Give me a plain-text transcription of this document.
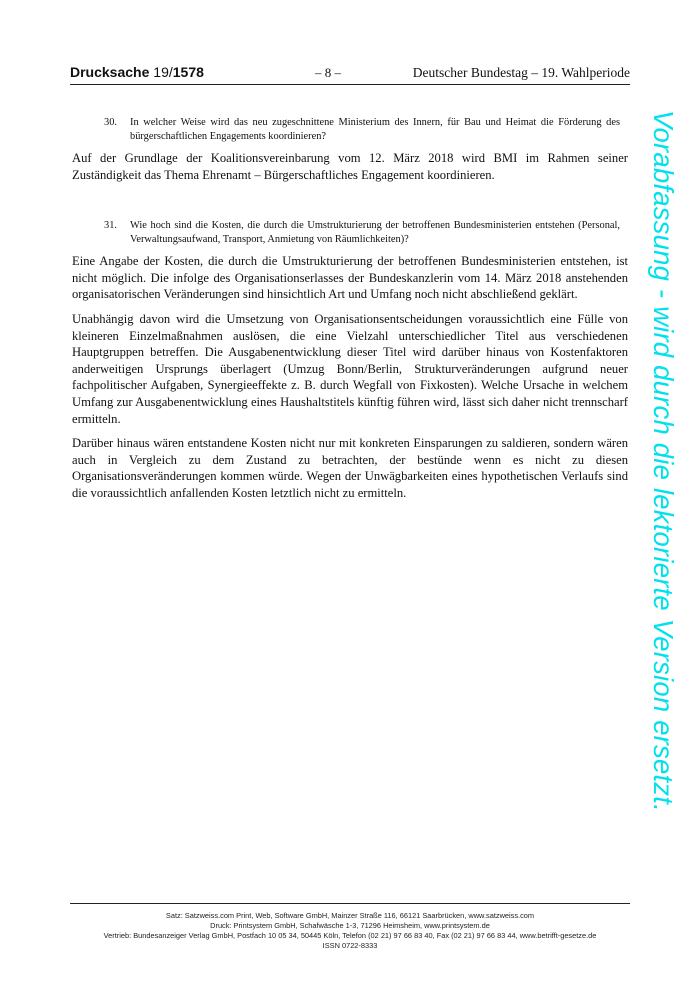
Drucksache 19/1578	– 8 –	Deutscher Bundestag – 19. Wahlperiode
30. In welcher Weise wird das neu zugeschnittene Ministerium des Innern, für Bau und Heimat die Förderung des bürgerschaftlichen Engagements koordinieren?

Auf der Grundlage der Koalitionsvereinbarung vom 12. März 2018 wird BMI im Rahmen seiner Zuständigkeit das Thema Ehrenamt – Bürgerschaftliches Engagement koordinieren.

31. Wie hoch sind die Kosten, die durch die Umstrukturierung der betroffenen Bundesministerien entstehen (Personal, Verwaltungsaufwand, Transport, Anmietung von Räumlichkeiten)?

Eine Angabe der Kosten, die durch die Umstrukturierung der betroffenen Bundesministerien entstehen, ist nicht möglich. Die infolge des Organisationserlasses der Bundeskanzlerin vom 14. März 2018 anstehenden organisatorischen Veränderungen sind hinsichtlich Art und Umfang noch nicht abschließend geklärt.

Unabhängig davon wird die Umsetzung von Organisationsentscheidungen voraussichtlich eine Fülle von kleineren Einzelmaßnahmen auslösen, die eine Vielzahl unterschiedlicher Titel aus verschiedenen Hauptgruppen betreffen. Die Ausgabenentwicklung dieser Titel wird darüber hinaus von Kostenfaktoren anderweitigen Ursprungs überlagert (Umzug Bonn/Berlin, Strukturveränderungen aufgrund neuer fachpolitischer Aufgaben, Synergieeffekte z. B. durch Wegfall von Fixkosten). Welche Ursache in welchem Umfang zur Ausgabenentwicklung eines Haushaltstitels künftig führen wird, lässt sich daher nicht trennscharf ermitteln.

Darüber hinaus wären entstandene Kosten nicht nur mit konkreten Einsparungen zu saldieren, sondern wären auch in Vergleich zu dem Zustand zu betrachten, der bestünde wenn es nicht zu diesen Organisationsveränderungen kommen würde. Wegen der Unwägbarkeiten eines hypothetischen Verlaufs sind die voraussichtlich anfallenden Kosten letztlich nicht zu ermitteln.	Vorabfassung - wird durch die lektorierte Version ersetzt.
Satz: Satzweiss.com Print, Web, Software GmbH, Mainzer Straße 116, 66121 Saarbrücken, www.satzweiss.com
Druck: Printsystem GmbH, Schafwäsche 1-3, 71296 Heimsheim, www.printsystem.de
Vertrieb: Bundesanzeiger Verlag GmbH, Postfach 10 05 34, 50445 Köln, Telefon (02 21) 97 66 83 40, Fax (02 21) 97 66 83 44, www.betrifft-gesetze.de
ISSN 0722-8333
